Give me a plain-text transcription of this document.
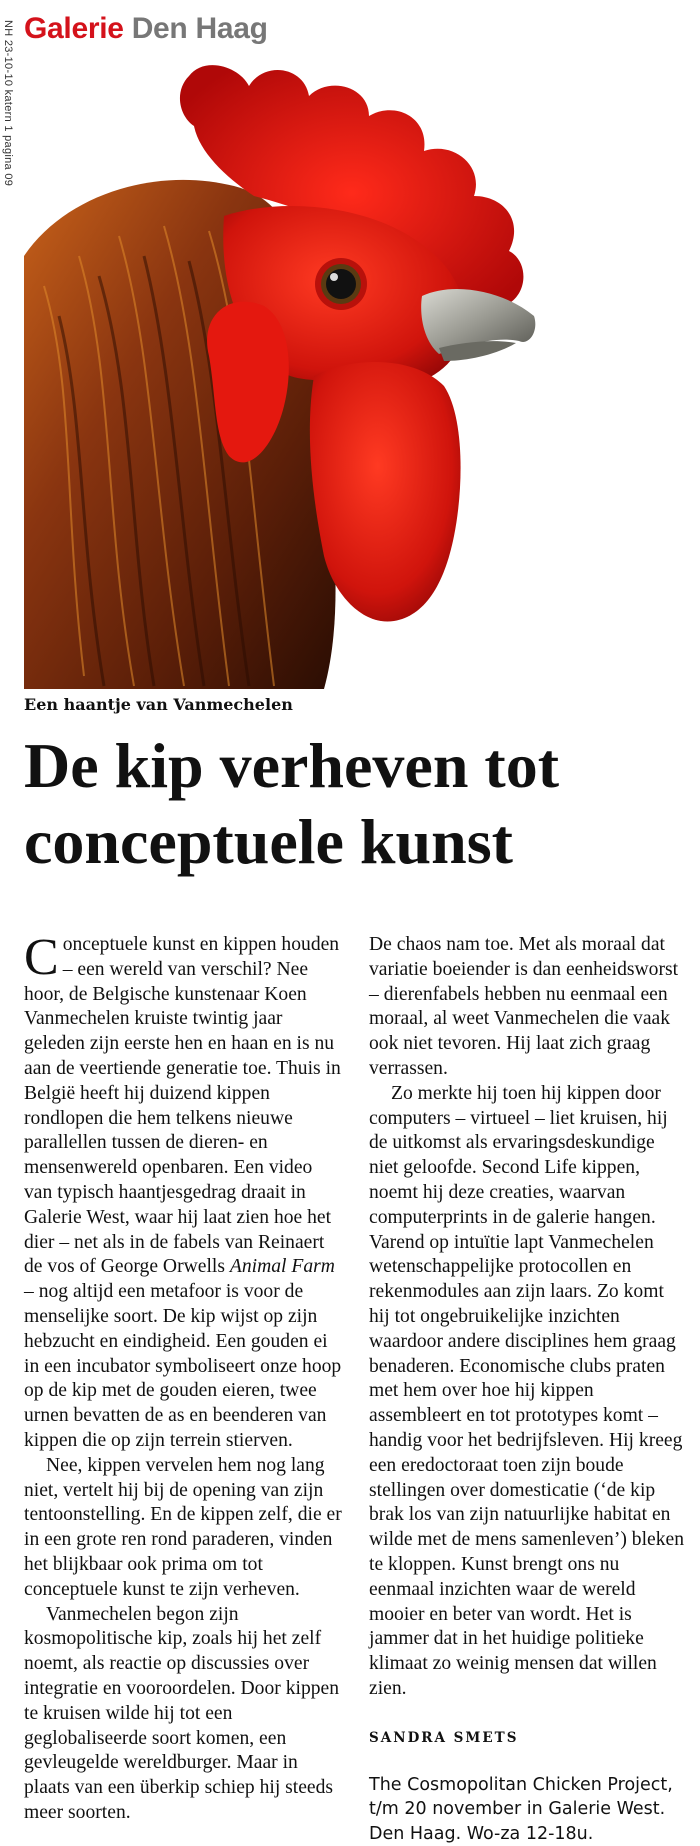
NH 23-10-10 katern 1 pagina 09 Galerie Den Haag
Een haantje van Vanmechelen
De kip verheven tot
conceptuele kunst

Conceptuele kunst en kippen houden – een wereld van verschil? Nee hoor, de Belgische kunstenaar Koen Vanmechelen kruiste twintig jaar geleden zijn eerste hen en haan en is nu aan de veertiende generatie toe. Thuis in België heeft hij duizend kippen rondlopen die hem telkens nieuwe parallellen tussen de dieren- en mensenwereld openbaren. Een video van typisch haantjesgedrag draait in Galerie West, waar hij laat zien hoe het dier – net als in de fabels van Reinaert de vos of George Orwells Animal Farm – nog altijd een metafoor is voor de menselijke soort. De kip wijst op zijn hebzucht en eindigheid. Een gouden ei in een incubator symboliseert onze hoop op de kip met de gouden eieren, twee urnen bevatten de as en beenderen van kippen die op zijn terrein stierven.

Nee, kippen vervelen hem nog lang niet, vertelt hij bij de opening van zijn tentoonstelling. En de kippen zelf, die er in een grote ren rond paraderen, vinden het blijkbaar ook prima om tot conceptuele kunst te zijn verheven.

Vanmechelen begon zijn kosmopolitische kip, zoals hij het zelf noemt, als reactie op discussies over integratie en vooroordelen. Door kippen te kruisen wilde hij tot een geglobaliseerde soort komen, een gevleugelde wereldburger. Maar in plaats van een überkip schiep hij steeds meer soorten.

De chaos nam toe. Met als moraal dat variatie boeiender is dan eenheidsworst – dierenfabels hebben nu eenmaal een moraal, al weet Vanmechelen die vaak ook niet tevoren. Hij laat zich graag verrassen.

Zo merkte hij toen hij kippen door computers – virtueel – liet kruisen, hij de uitkomst als ervaringsdeskundige niet geloofde. Second Life kippen, noemt hij deze creaties, waarvan computerprints in de galerie hangen. Varend op intuïtie lapt Vanmechelen wetenschappelijke protocollen en rekenmodules aan zijn laars. Zo komt hij tot ongebruikelijke inzichten waardoor andere disciplines hem graag benaderen. Economische clubs praten met hem over hoe hij kippen assembleert en tot prototypes komt – handig voor het bedrijfsleven. Hij kreeg een eredoctoraat toen zijn boude stellingen over domesticatie (‘de kip brak los van zijn natuurlijke habitat en wilde met de mens samenleven’) bleken te kloppen. Kunst brengt ons nu eenmaal inzichten waar de wereld mooier en beter van wordt. Het is jammer dat in het huidige politieke klimaat zo weinig mensen dat willen zien.

SANDRA SMETS
The Cosmopolitan Chicken Project, t/m 20 november in Galerie West. Den Haag. Wo-za 12-18u.
